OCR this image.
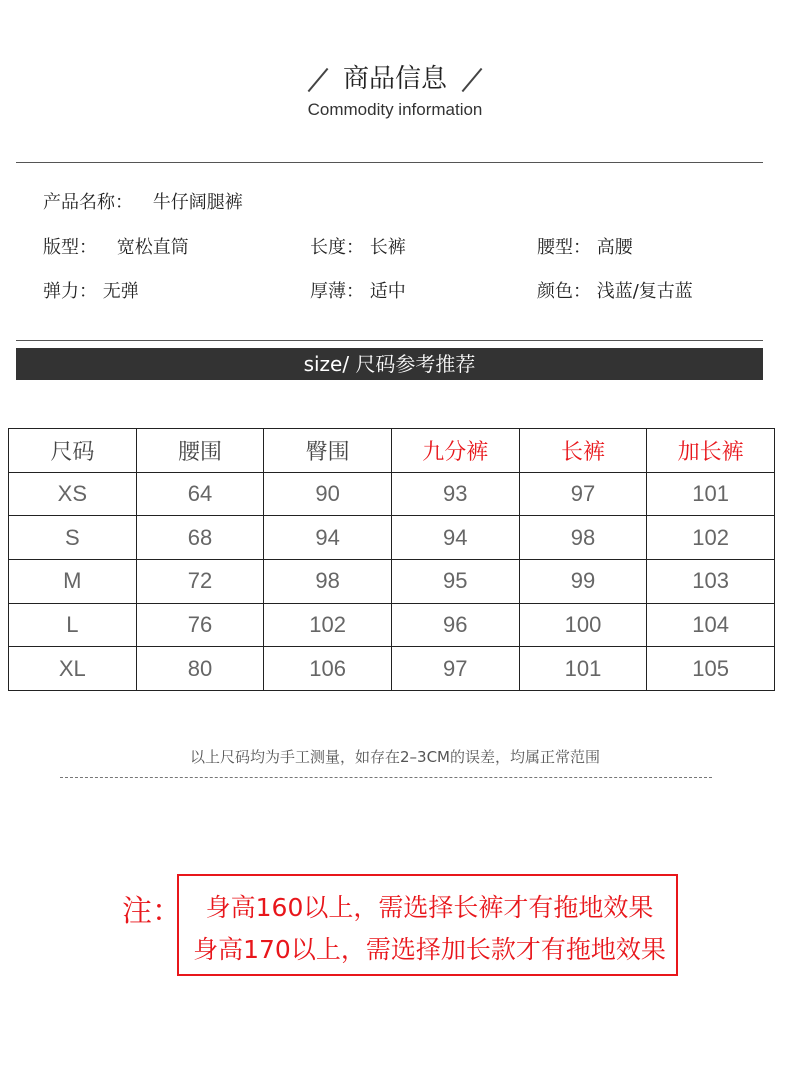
商品信息
Commodity information
产品名称： 牛仔阔腿裤
版型： 宽松直筒	长度： 长裤	腰型： 高腰
弹力： 无弹	厚薄： 适中	颜色： 浅蓝/复古蓝
size/ 尺码参考推荐
尺码	腰围	臀围	九分裤	长裤	加长裤
XS	64	90	93	97	101
S	68	94	94	98	102
M	72	98	95	99	103
L	76	102	96	100	104
XL	80	106	97	101	105
以上尺码均为手工测量，如存在2–3CM的误差，均属正常范围
注： 身高160以上，需选择长裤才有拖地效果
身高170以上，需选择加长款才有拖地效果
